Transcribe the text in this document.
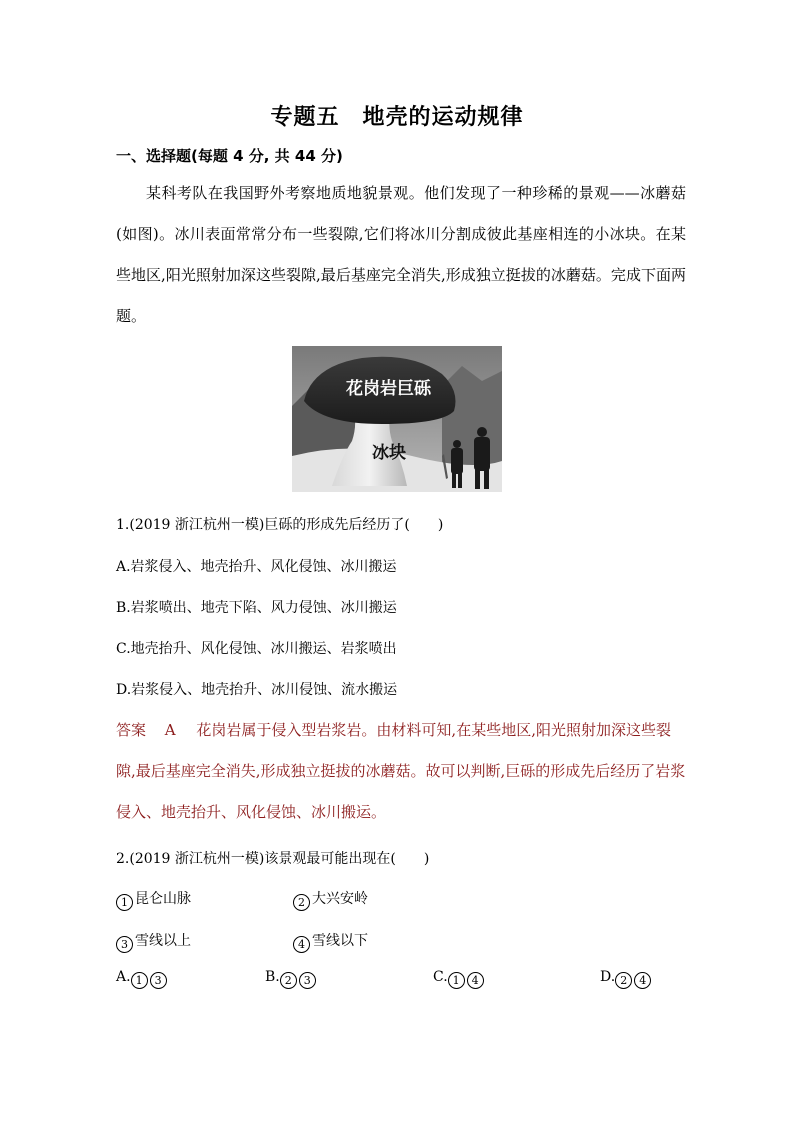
专题五　地壳的运动规律
一、选择题(每题 4 分, 共 44 分)

某科考队在我国野外考察地质地貌景观。他们发现了一种珍稀的景观——冰蘑菇(如图)。冰川表面常常分布一些裂隙,它们将冰川分割成彼此基座相连的小冰块。在某些地区,阳光照射加深这些裂隙,最后基座完全消失,形成独立挺拔的冰蘑菇。完成下面两题。

花岗岩巨砾
冰块
1.(2019 浙江杭州一模)巨砾的形成先后经历了(　　)
A.岩浆侵入、地壳抬升、风化侵蚀、冰川搬运
B.岩浆喷出、地壳下陷、风力侵蚀、冰川搬运
C.地壳抬升、风化侵蚀、冰川搬运、岩浆喷出
D.岩浆侵入、地壳抬升、冰川侵蚀、流水搬运

答案 A 花岗岩属于侵入型岩浆岩。由材料可知,在某些地区,阳光照射加深这些裂隙,最后基座完全消失,形成独立挺拔的冰蘑菇。故可以判断,巨砾的形成先后经历了岩浆侵入、地壳抬升、风化侵蚀、冰川搬运。

2.(2019 浙江杭州一模)该景观最可能出现在(　　)
1 昆仑山脉	2 大兴安岭
3 雪线以上	4 雪线以下
A. 1 3	B. 2 3	C. 1 4	D. 2 4
